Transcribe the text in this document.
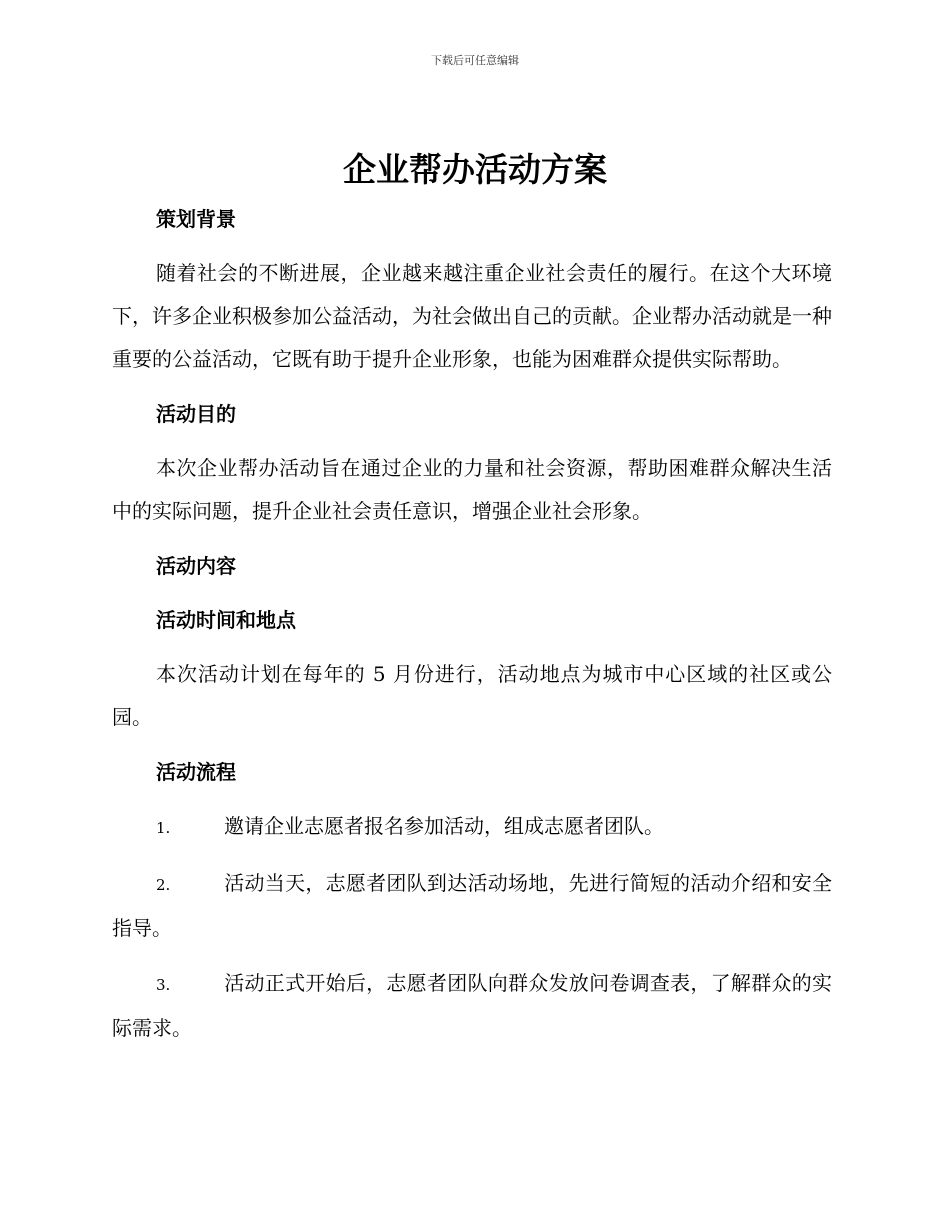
下载后可任意编辑
企业帮办活动方案
策划背景
随着社会的不断进展，企业越来越注重企业社会责任的履行。在这个大环境下，许多企业积极参加公益活动，为社会做出自己的贡献。企业帮办活动就是一种重要的公益活动，它既有助于提升企业形象，也能为困难群众提供实际帮助。
活动目的
本次企业帮办活动旨在通过企业的力量和社会资源，帮助困难群众解决生活中的实际问题，提升企业社会责任意识，增强企业社会形象。
活动内容
活动时间和地点
本次活动计划在每年的 5 月份进行，活动地点为城市中心区域的社区或公园。
活动流程
1.	邀请企业志愿者报名参加活动，组成志愿者团队。
2.	活动当天，志愿者团队到达活动场地，先进行简短的活动介绍和安全指导。
3.	活动正式开始后，志愿者团队向群众发放问卷调查表，了解群众的实际需求。
